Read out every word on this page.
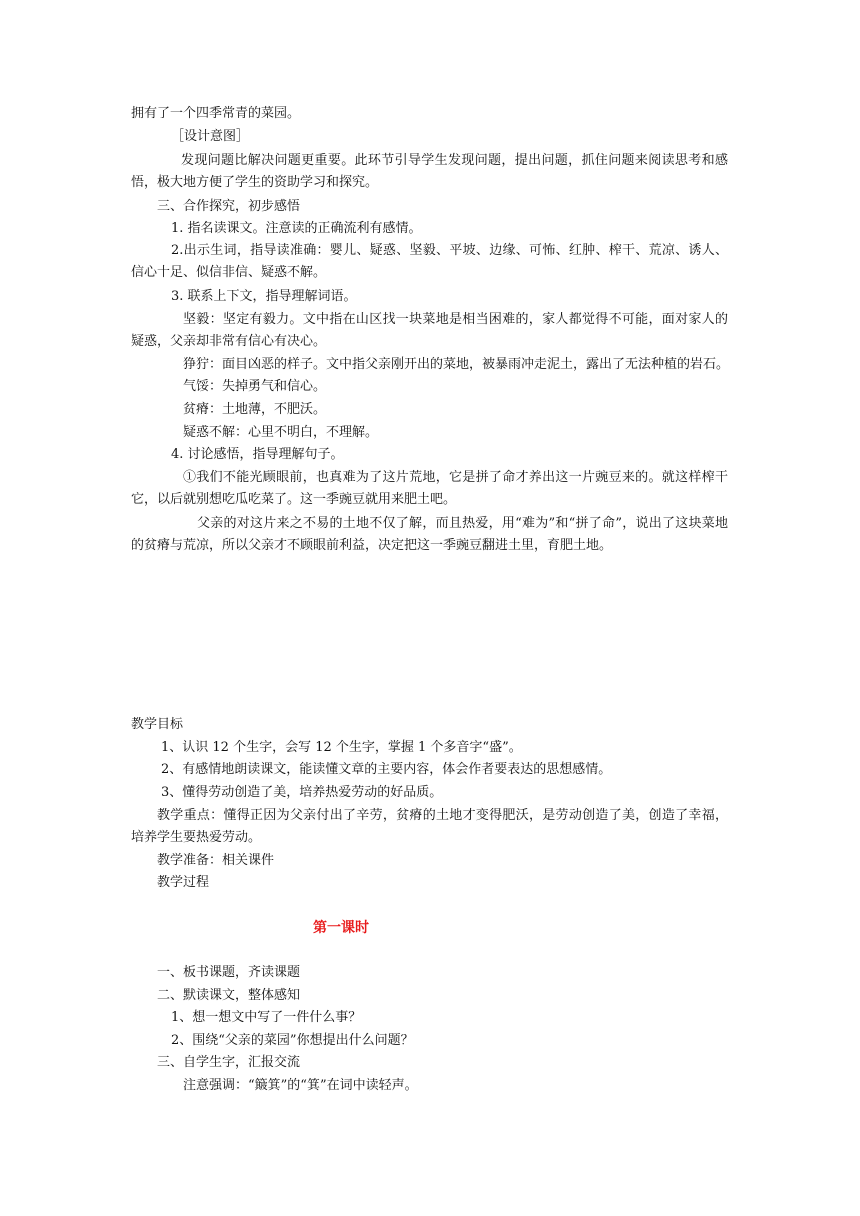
拥有了一个四季常青的菜园。

［设计意图］

发现问题比解决问题更重要。此环节引导学生发现问题，提出问题，抓住问题来阅读思考和感悟，极大地方便了学生的资助学习和探究。

三、合作探究，初步感悟

1. 指名读课文。注意读的正确流利有感情。

2.出示生词，指导读准确：婴儿、疑惑、坚毅、平坡、边缘、可怖、红肿、榨干、荒凉、诱人、信心十足、似信非信、疑惑不解。

3. 联系上下文，指导理解词语。

坚毅：坚定有毅力。文中指在山区找一块菜地是相当困难的，家人都觉得不可能，面对家人的疑惑，父亲却非常有信心有决心。

狰狞：面目凶恶的样子。文中指父亲刚开出的菜地，被暴雨冲走泥土，露出了无法种植的岩石。

气馁：失掉勇气和信心。

贫瘠：土地薄，不肥沃。

疑惑不解：心里不明白，不理解。

4. 讨论感悟，指导理解句子。

①我们不能光顾眼前，也真难为了这片荒地，它是拼了命才养出这一片豌豆来的。就这样榨干它，以后就别想吃瓜吃菜了。这一季豌豆就用来肥土吧。

父亲的对这片来之不易的土地不仅了解，而且热爱，用“难为”和“拼了命”，说出了这块菜地的贫瘠与荒凉，所以父亲才不顾眼前利益，决定把这一季豌豆翻进土里，育肥土地。

教学目标

1、认识 12 个生字，会写 12 个生字，掌握 1 个多音字“盛”。

2、有感情地朗读课文，能读懂文章的主要内容，体会作者要表达的思想感情。

3、懂得劳动创造了美，培养热爱劳动的好品质。

教学重点：懂得正因为父亲付出了辛劳，贫瘠的土地才变得肥沃，是劳动创造了美，创造了幸福，培养学生要热爱劳动。

教学准备：相关课件

教学过程

第一课时

一、板书课题，齐读课题

二、默读课文，整体感知

1、想一想文中写了一件什么事？

2、围绕“父亲的菜园”你想提出什么问题？

三、自学生字，汇报交流

注意强调：“簸箕”的“箕”在词中读轻声。
